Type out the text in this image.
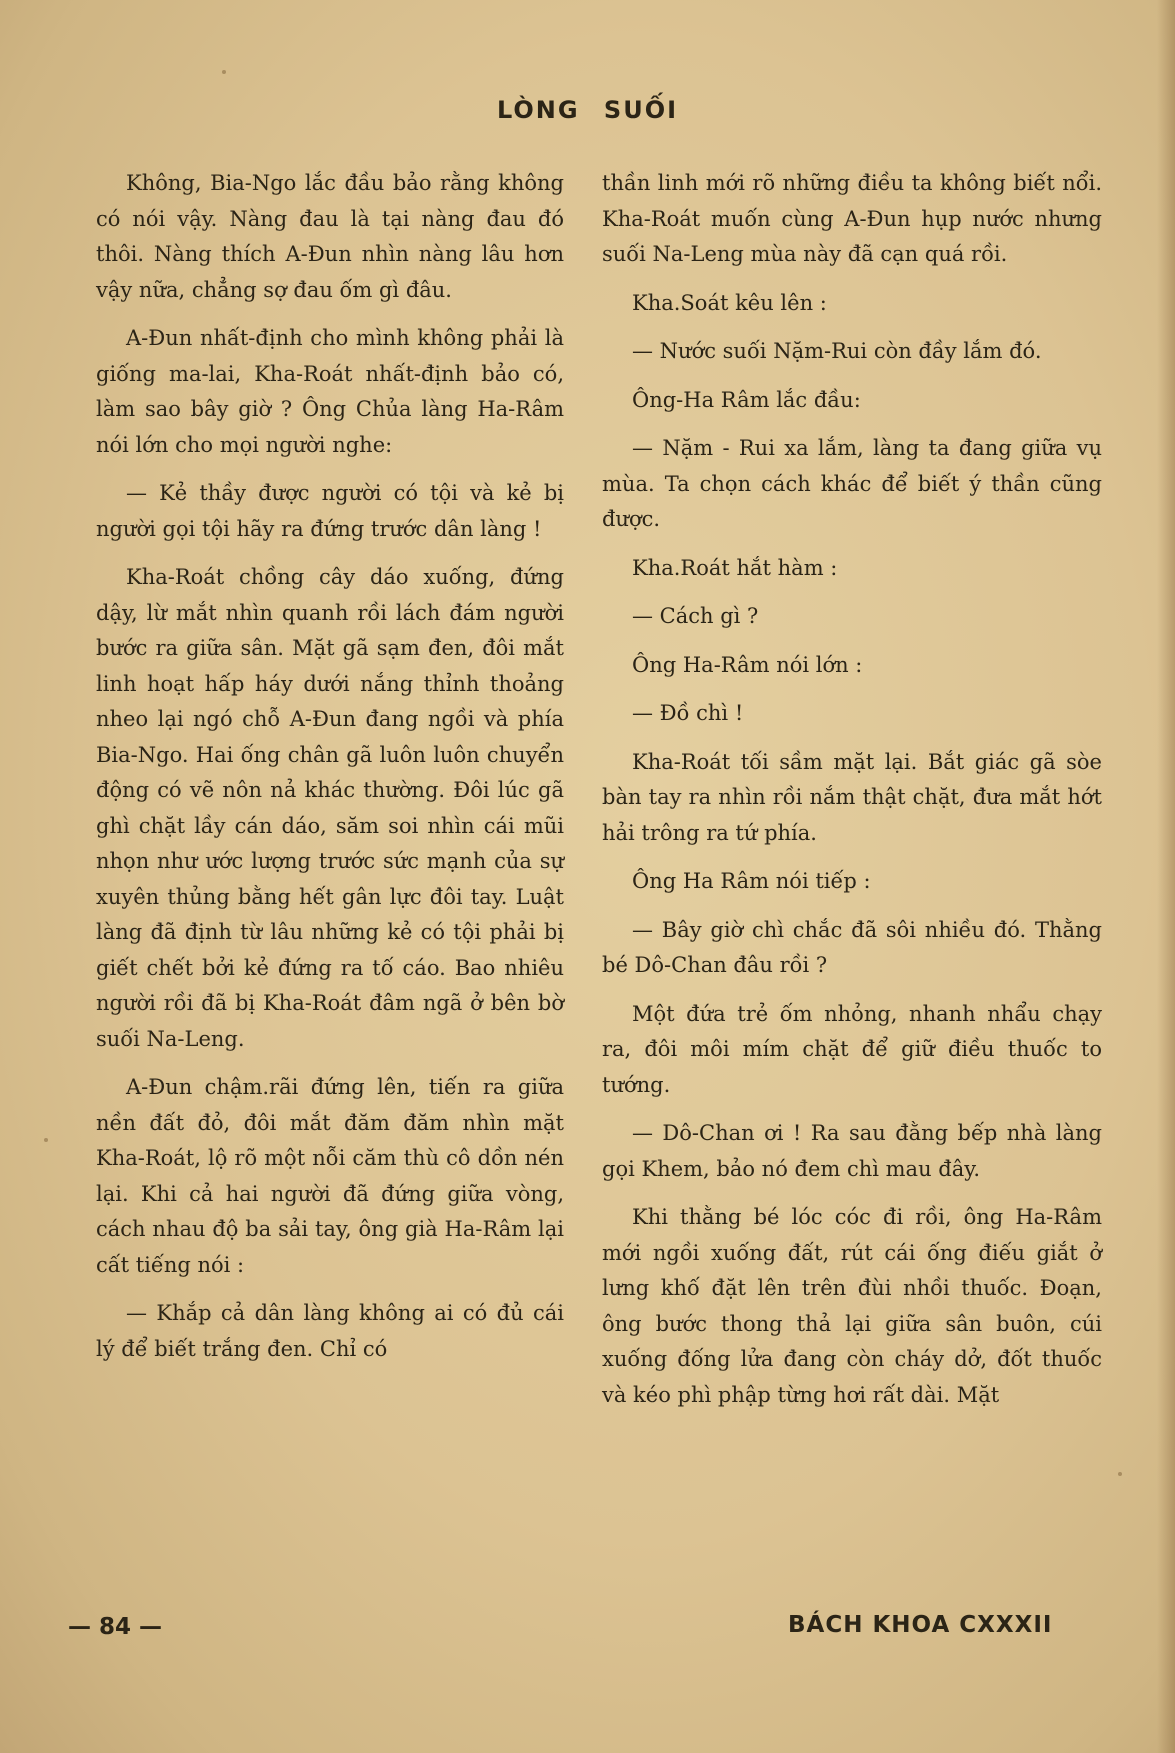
LÒNG SUỐI

Không, Bia-Ngo lắc đầu bảo rằng không có nói vậy. Nàng đau là tại nàng đau đó thôi. Nàng thích A-Đun nhìn nàng lâu hơn vậy nữa, chẳng sợ đau ốm gì đâu.

A-Đun nhất-định cho mình không phải là giống ma-lai, Kha-Roát nhất-định bảo có, làm sao bây giờ ? Ông Chủa làng Ha-Râm nói lớn cho mọi người nghe:

— Kẻ thầy được người có tội và kẻ bị người gọi tội hãy ra đứng trước dân làng !

Kha-Roát chồng cây dáo xuống, đứng dậy, lừ mắt nhìn quanh rồi lách đám người bước ra giữa sân. Mặt gã sạm đen, đôi mắt linh hoạt hấp háy dưới nắng thỉnh thoảng nheo lại ngó chỗ A-Đun đang ngồi và phía Bia-Ngo. Hai ống chân gã luôn luôn chuyển động có vẽ nôn nả khác thường. Đôi lúc gã ghì chặt lầy cán dáo, săm soi nhìn cái mũi nhọn như ước lượng trước sức mạnh của sự xuyên thủng bằng hết gân lực đôi tay. Luật làng đã định từ lâu những kẻ có tội phải bị giết chết bởi kẻ đứng ra tố cáo. Bao nhiêu người rồi đã bị Kha-Roát đâm ngã ở bên bờ suối Na-Leng.

A-Đun chậm.rãi đứng lên, tiến ra giữa nền đất đỏ, đôi mắt đăm đăm nhìn mặt Kha-Roát, lộ rõ một nỗi căm thù cô dồn nén lại. Khi cả hai người đã đứng giữa vòng, cách nhau độ ba sải tay, ông già Ha-Râm lại cất tiếng nói :

— Khắp cả dân làng không ai có đủ cái lý để biết trắng đen. Chỉ có

thần linh mới rõ những điều ta không biết nổi. Kha-Roát muốn cùng A-Đun hụp nước nhưng suối Na-Leng mùa này đã cạn quá rồi.

Kha.Soát kêu lên :

— Nước suối Nặm-Rui còn đầy lắm đó.

Ông-Ha Râm lắc đầu:

— Nặm - Rui xa lắm, làng ta đang giữa vụ mùa. Ta chọn cách khác để biết ý thần cũng được.

Kha.Roát hắt hàm :

— Cách gì ?

Ông Ha-Râm nói lớn :

— Đồ chì !

Kha-Roát tối sầm mặt lại. Bắt giác gã sòe bàn tay ra nhìn rồi nắm thật chặt, đưa mắt hớt hải trông ra tứ phía.

Ông Ha Râm nói tiếp :

— Bây giờ chì chắc đã sôi nhiều đó. Thằng bé Dô-Chan đâu rồi ?

Một đứa trẻ ốm nhỏng, nhanh nhẩu chạy ra, đôi môi mím chặt để giữ điều thuốc to tướng.

— Dô-Chan ơi ! Ra sau đằng bếp nhà làng gọi Khem, bảo nó đem chì mau đây.

Khi thằng bé lóc cóc đi rồi, ông Ha-Râm mới ngồi xuống đất, rút cái ống điếu giắt ở lưng khố đặt lên trên đùi nhồi thuốc. Đoạn, ông bước thong thả lại giữa sân buôn, cúi xuống đống lửa đang còn cháy dở, đốt thuốc và kéo phì phập từng hơi rất dài. Mặt

— 84 —	BÁCH KHOA CXXXII
